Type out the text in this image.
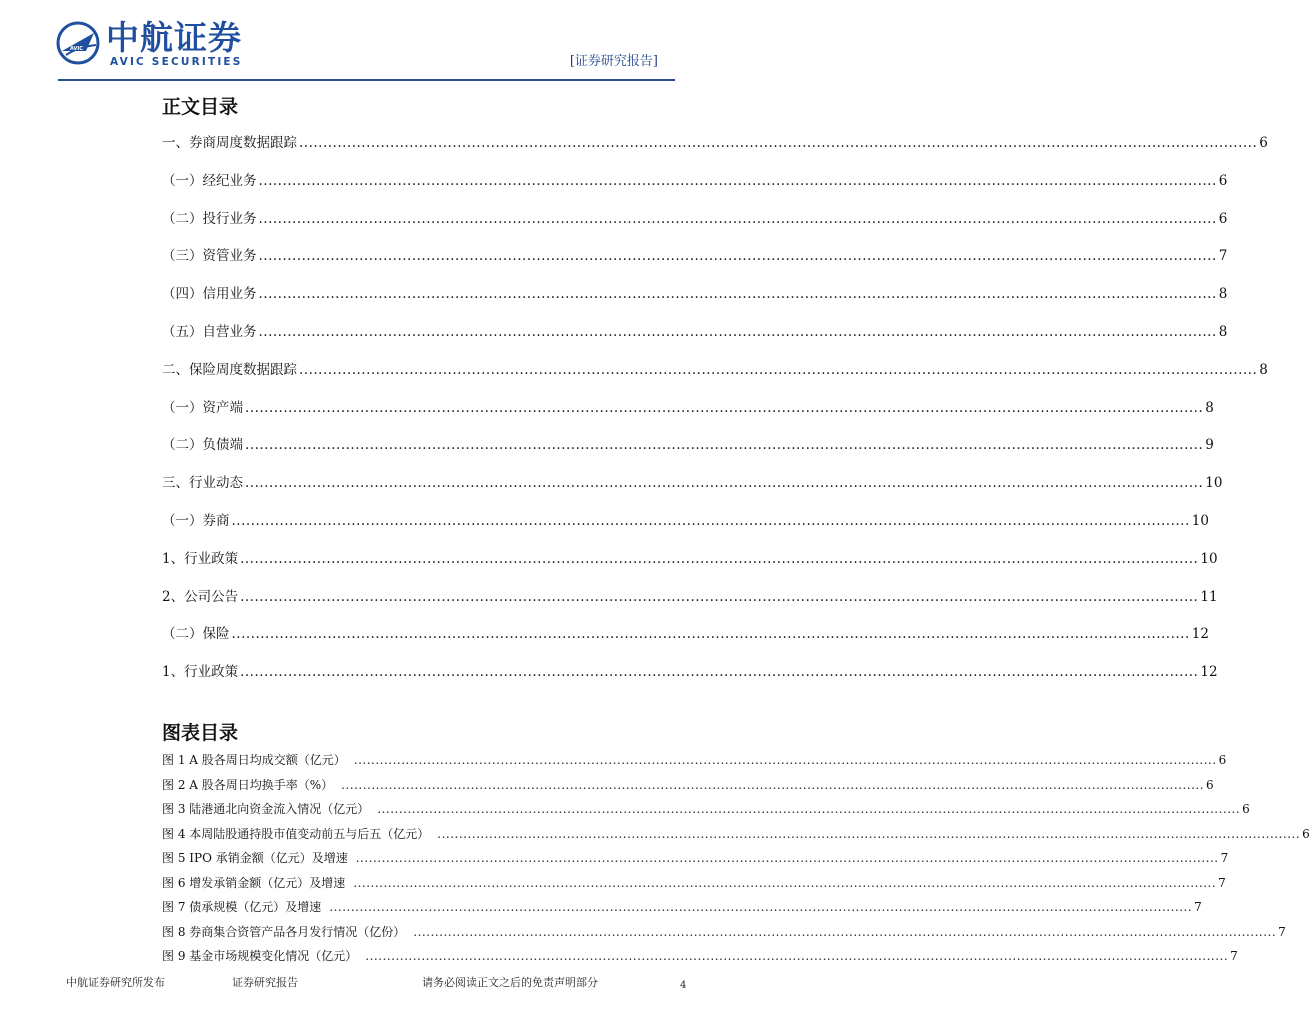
AVIC 中航证券
AVIC SECURITIES	[证券研究报告]
正文目录
一、 券商周度数据跟踪 ........................................................................................................................................................................................................ 6
（一） 经纪业务 ........................................................................................................................................................................................................ 6
（二） 投行业务 ........................................................................................................................................................................................................ 6
（三） 资管业务 ........................................................................................................................................................................................................ 7
（四） 信用业务 ........................................................................................................................................................................................................ 8
（五） 自营业务 ........................................................................................................................................................................................................ 8
二、 保险周度数据跟踪 ........................................................................................................................................................................................................ 8
（一） 资产端 ........................................................................................................................................................................................................ 8
（二） 负债端 ........................................................................................................................................................................................................ 9
三、 行业动态 ........................................................................................................................................................................................................ 10
（一） 券商 ........................................................................................................................................................................................................ 10
1、 行业政策 ........................................................................................................................................................................................................ 10
2、 公司公告 ........................................................................................................................................................................................................ 11
（二） 保险 ........................................................................................................................................................................................................ 12
1、 行业政策 ........................................................................................................................................................................................................ 12
图表目录
图 1 A 股各周日均成交额（亿元） ........................................................................................................................................................................................................ 6
图 2 A 股各周日均换手率（%） ........................................................................................................................................................................................................ 6
图 3 陆港通北向资金流入情况（亿元） ........................................................................................................................................................................................................ 6
图 4 本周陆股通持股市值变动前五与后五（亿元） ........................................................................................................................................................................................................ 6
图 5 IPO 承销金额（亿元）及增速 ........................................................................................................................................................................................................ 7
图 6 增发承销金额（亿元）及增速 ........................................................................................................................................................................................................ 7
图 7 债承规模（亿元）及增速 ........................................................................................................................................................................................................ 7
图 8 券商集合资管产品各月发行情况（亿份） ........................................................................................................................................................................................................ 7
图 9 基金市场规模变化情况（亿元） ........................................................................................................................................................................................................ 7
中航证券研究所发布	证券研究报告	请务必阅读正文之后的免责声明部分	4
